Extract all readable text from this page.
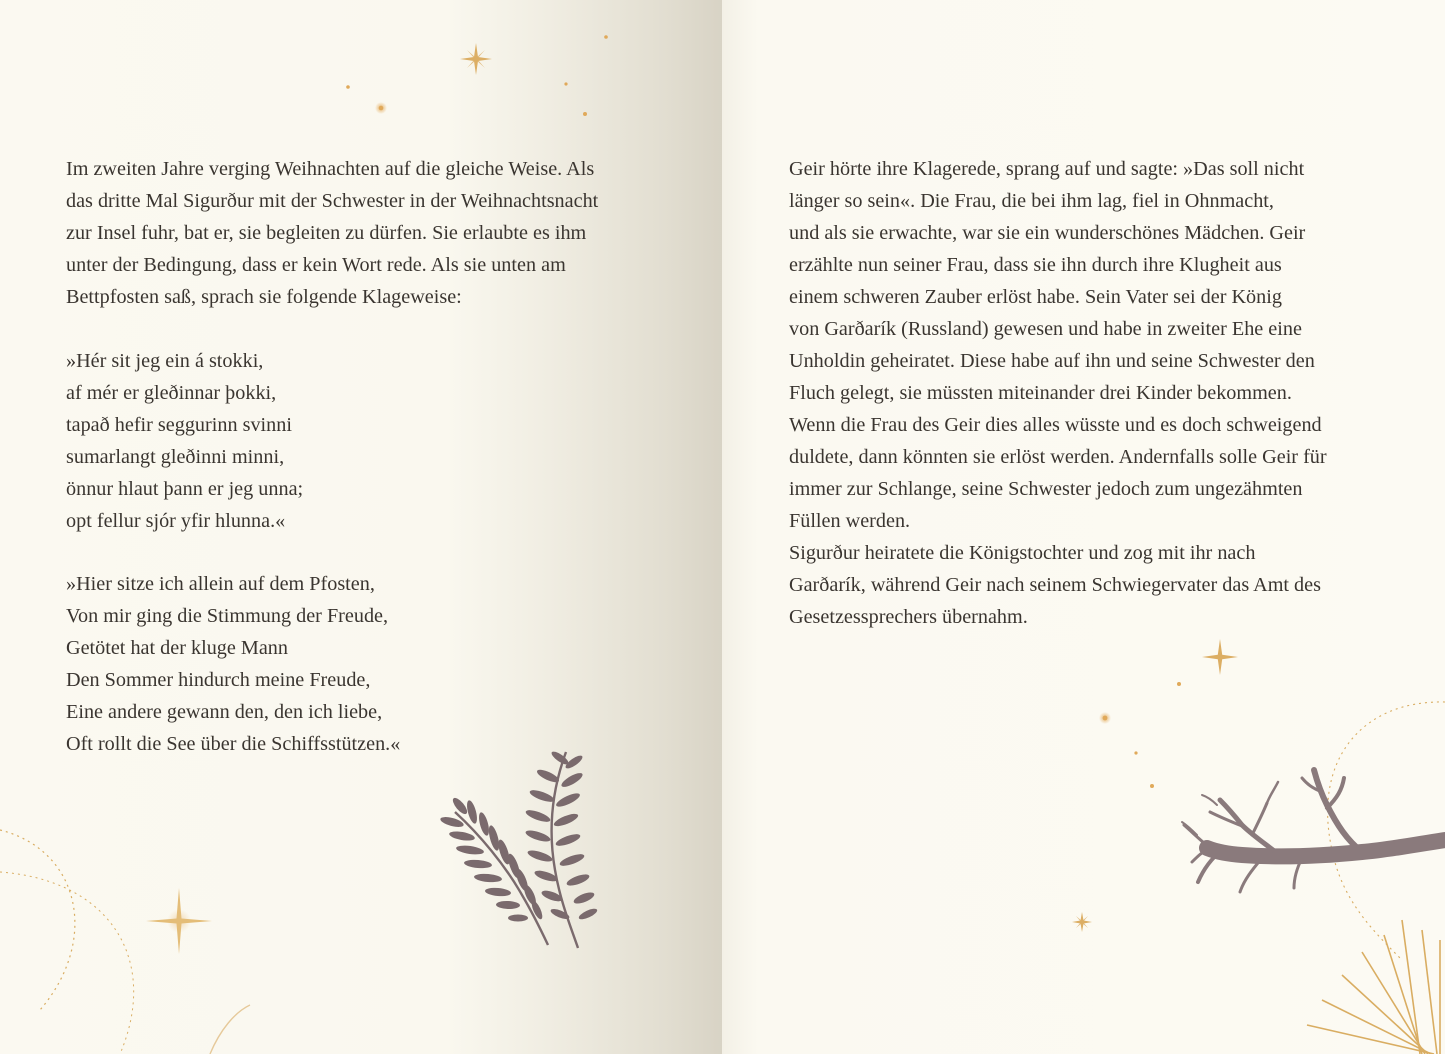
Im zweiten Jahre verging Weihnachten auf die gleiche Weise. Als

das dritte Mal Sigurður mit der Schwester in der Weihnachtsnacht

zur Insel fuhr, bat er, sie begleiten zu dürfen. Sie erlaubte es ihm

unter der Bedingung, dass er kein Wort rede. Als sie unten am

Bettpfosten saß, sprach sie folgende Klageweise:

»Hér sit jeg ein á stokki,

af mér er gleðinnar þokki,

tapað hefir seggurinn svinni

sumarlangt gleðinni minni,

önnur hlaut þann er jeg unna;

opt fellur sjór yfir hlunna.«

»Hier sitze ich allein auf dem Pfosten,

Von mir ging die Stimmung der Freude,

Getötet hat der kluge Mann

Den Sommer hindurch meine Freude,

Eine andere gewann den, den ich liebe,

Oft rollt die See über die Schiffsstützen.«

Geir hörte ihre Klagerede, sprang auf und sagte: »Das soll nicht

länger so sein«. Die Frau, die bei ihm lag, fiel in Ohnmacht,

und als sie erwachte, war sie ein wunderschönes Mädchen. Geir

erzählte nun seiner Frau, dass sie ihn durch ihre Klugheit aus

einem schweren Zauber erlöst habe. Sein Vater sei der König

von Garðarík (Russland) gewesen und habe in zweiter Ehe eine

Unholdin geheiratet. Diese habe auf ihn und seine Schwester den

Fluch gelegt, sie müssten miteinander drei Kinder bekommen.

Wenn die Frau des Geir dies alles wüsste und es doch schweigend

duldete, dann könnten sie erlöst werden. Andernfalls solle Geir für

immer zur Schlange, seine Schwester jedoch zum ungezähmten

Füllen werden.

Sigurður heiratete die Königstochter und zog mit ihr nach

Garðarík, während Geir nach seinem Schwiegervater das Amt des

Gesetzessprechers übernahm.
